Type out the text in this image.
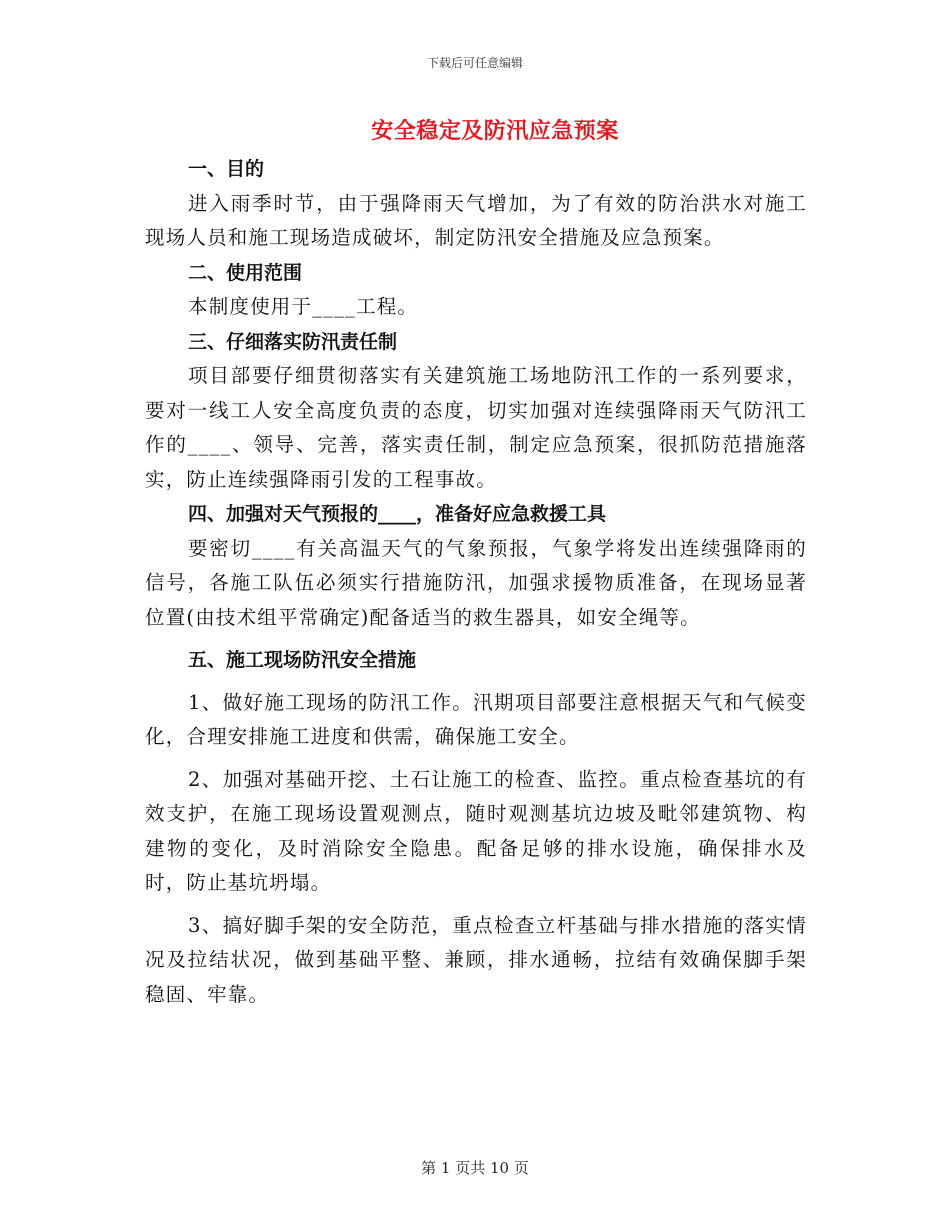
下载后可任意编辑
安全稳定及防汛应急预案
一、目的

进入雨季时节，由于强降雨天气增加，为了有效的防治洪水对施工现场人员和施工现场造成破坏，制定防汛安全措施及应急预案。

二、使用范围

本制度使用于____工程。

三、仔细落实防汛责任制

项目部要仔细贯彻落实有关建筑施工场地防汛工作的一系列要求，要对一线工人安全高度负责的态度，切实加强对连续强降雨天气防汛工作的____、领导、完善，落实责任制，制定应急预案，很抓防范措施落实，防止连续强降雨引发的工程事故。

四、加强对天气预报的____，准备好应急救援工具

要密切____有关高温天气的气象预报，气象学将发出连续强降雨的信号，各施工队伍必须实行措施防汛，加强求援物质准备，在现场显著位置(由技术组平常确定)配备适当的救生器具，如安全绳等。

五、施工现场防汛安全措施

1、做好施工现场的防汛工作。汛期项目部要注意根据天气和气候变化，合理安排施工进度和供需，确保施工安全。

2、加强对基础开挖、土石让施工的检查、监控。重点检查基坑的有效支护，在施工现场设置观测点，随时观测基坑边坡及毗邻建筑物、构建物的变化，及时消除安全隐患。配备足够的排水设施，确保排水及时，防止基坑坍塌。

3、搞好脚手架的安全防范，重点检查立杆基础与排水措施的落实情况及拉结状况，做到基础平整、兼顾，排水通畅，拉结有效确保脚手架稳固、牢靠。

第 1 页共 10 页
